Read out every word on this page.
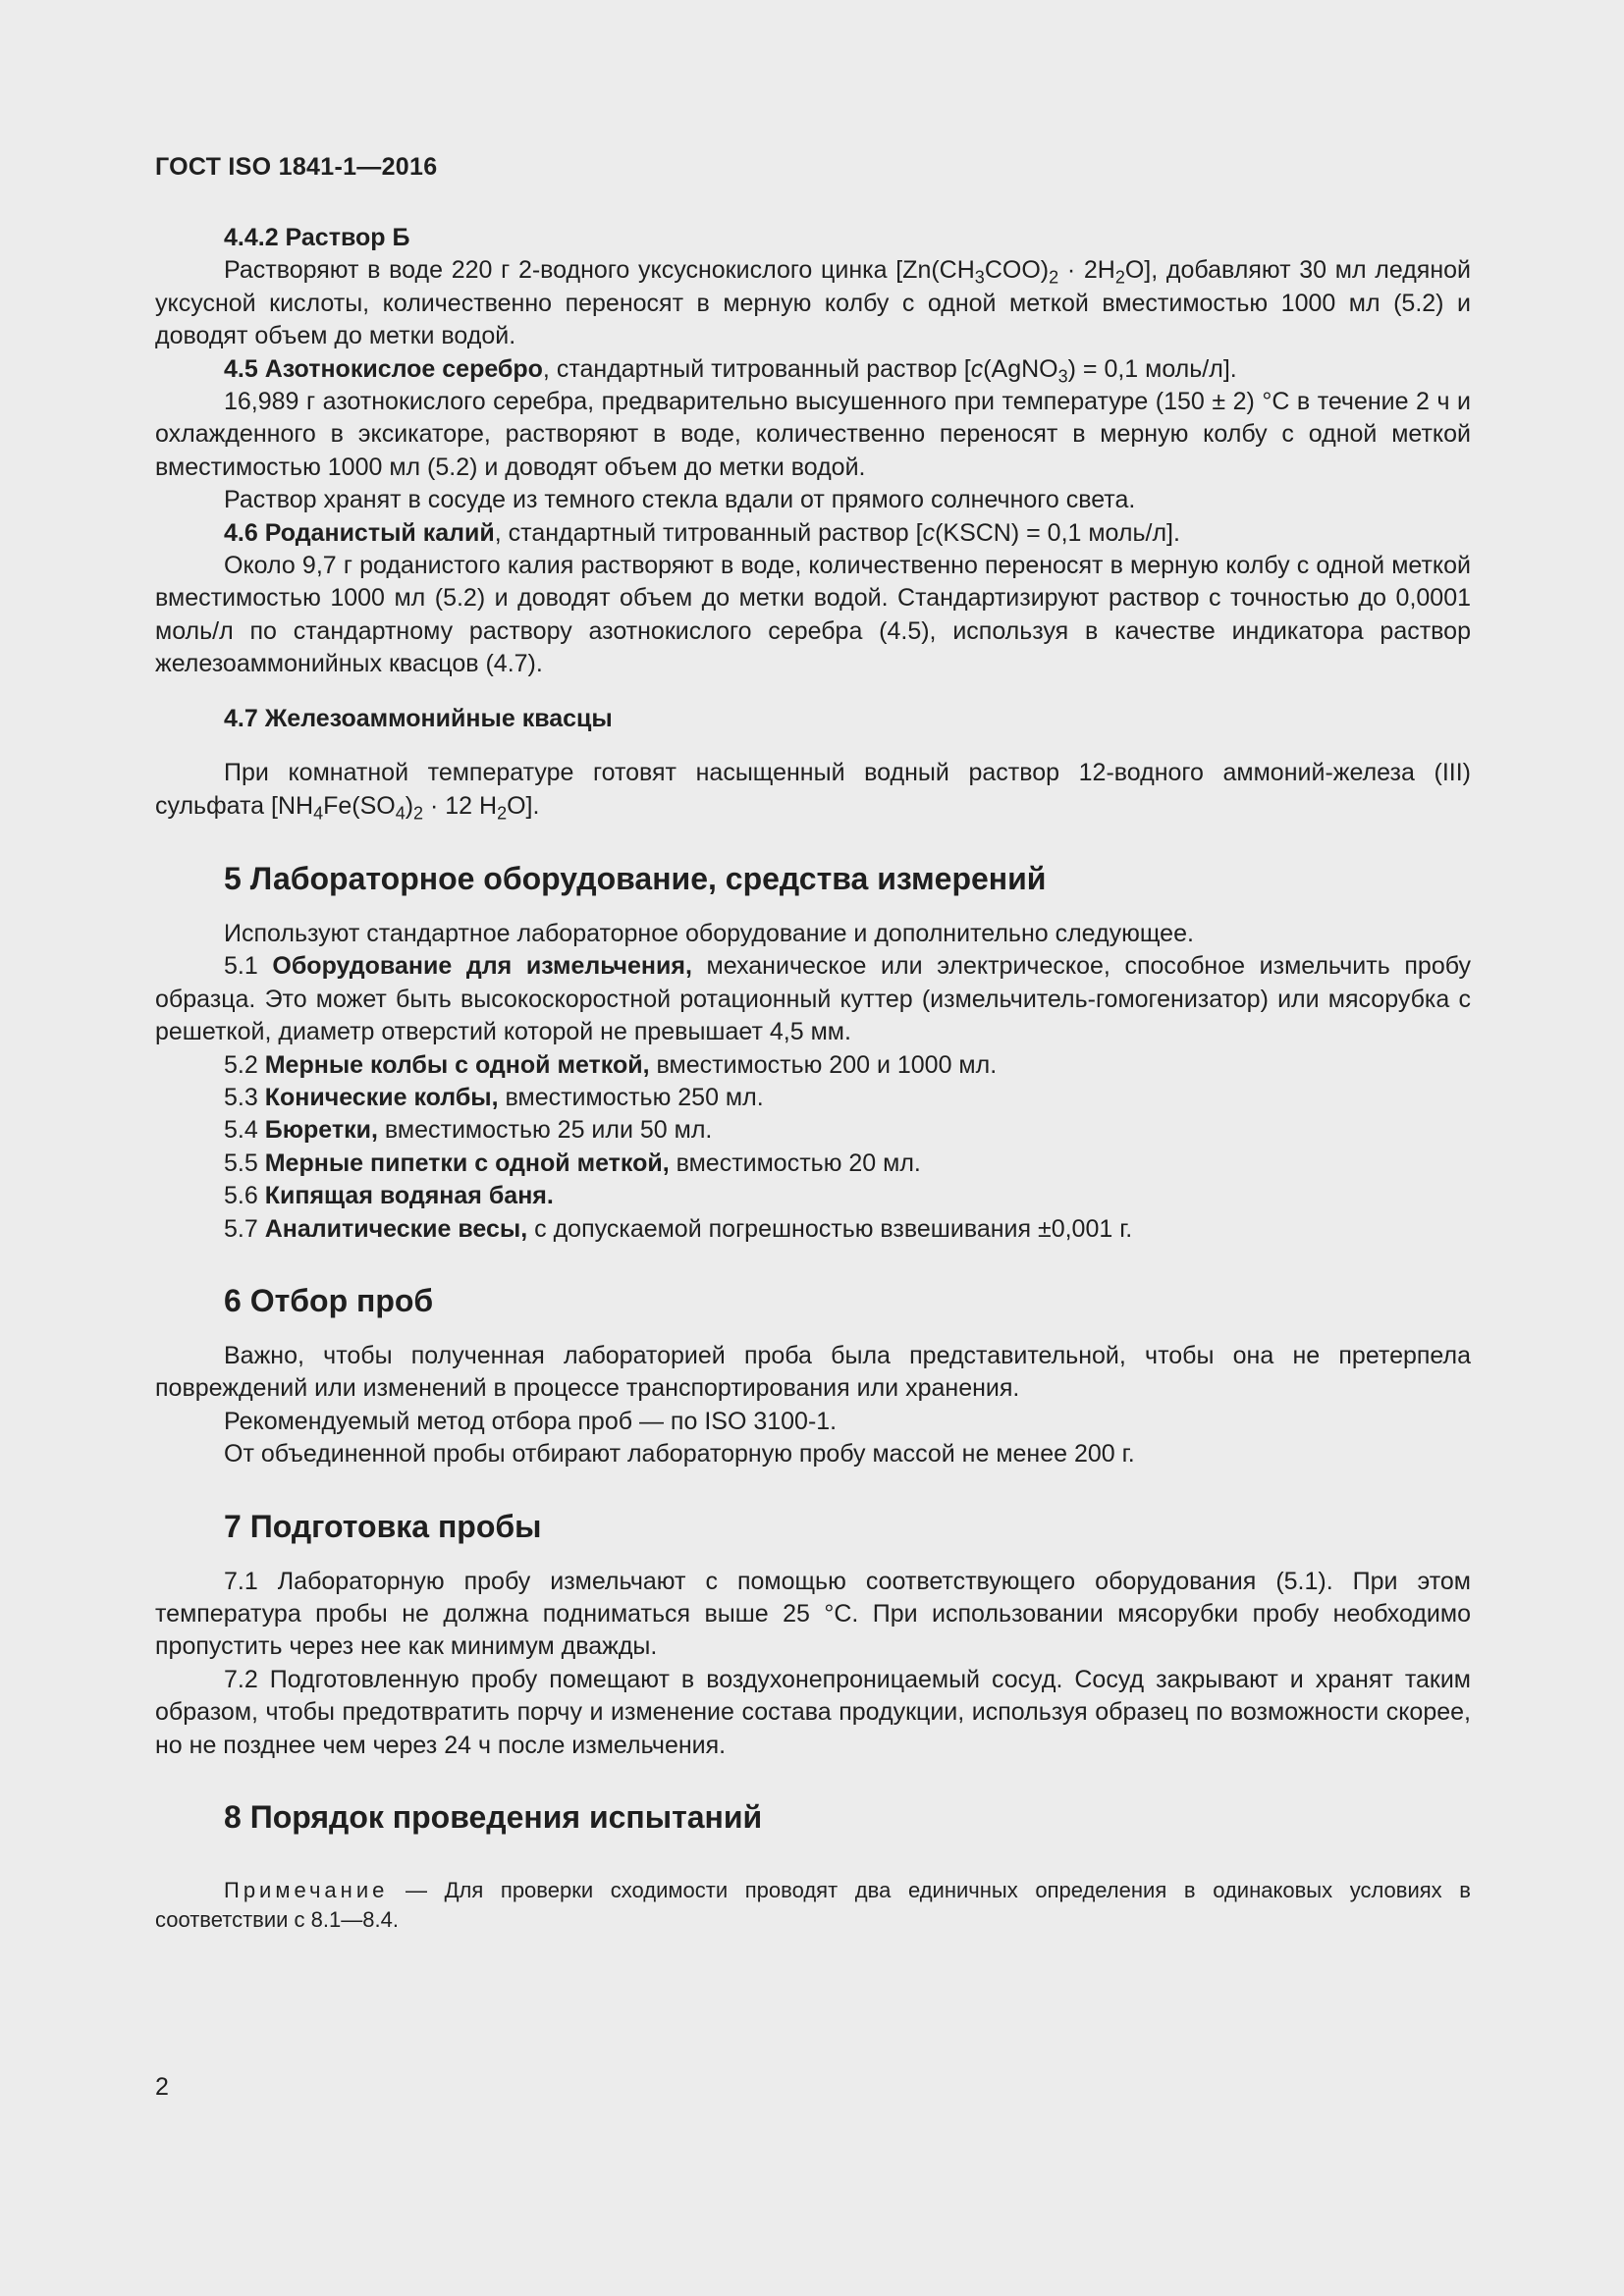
ГОСТ ISO 1841-1—2016

4.4.2 Раствор Б

Растворяют в воде 220 г 2-водного уксуснокислого цинка $[Zn(CH_3COO)_2 \cdot 2H_2O]$, добавляют 30 мл ледяной уксусной кислоты, количественно переносят в мерную колбу с одной меткой вместимостью 1000 мл (5.2) и доводят объем до метки водой.

4.5 Азотнокислое серебро, стандартный титрованный раствор [c(AgNO$_3$) = 0,1 моль/л].

16,989 г азотнокислого серебра, предварительно высушенного при температуре (150 ± 2) °С в течение 2 ч и охлажденного в эксикаторе, растворяют в воде, количественно переносят в мерную колбу с одной меткой вместимостью 1000 мл (5.2) и доводят объем до метки водой.

Раствор хранят в сосуде из темного стекла вдали от прямого солнечного света.

4.6 Роданистый калий, стандартный титрованный раствор [c(KSCN) = 0,1 моль/л].

Около 9,7 г роданистого калия растворяют в воде, количественно переносят в мерную колбу с одной меткой вместимостью 1000 мл (5.2) и доводят объем до метки водой. Стандартизируют раствор с точностью до 0,0001 моль/л по стандартному раствору азотнокислого серебра (4.5), используя в качестве индикатора раствор железоаммонийных квасцов (4.7).

4.7 Железоаммонийные квасцы

При комнатной температуре готовят насыщенный водный раствор 12-водного аммоний-железа (III) сульфата [$NH_4Fe(SO_4)_2 \cdot 12$ $H_2O$].

5 Лабораторное оборудование, средства измерений

Используют стандартное лабораторное оборудование и дополнительно следующее.

5.1 Оборудование для измельчения, механическое или электрическое, способное измельчить пробу образца. Это может быть высокоскоростной ротационный куттер (измельчитель-гомогенизатор) или мясорубка с решеткой, диаметр отверстий которой не превышает 4,5 мм.

5.2 Мерные колбы с одной меткой, вместимостью 200 и 1000 мл.

5.3 Конические колбы, вместимостью 250 мл.

5.4 Бюретки, вместимостью 25 или 50 мл.

5.5 Мерные пипетки с одной меткой, вместимостью 20 мл.

5.6 Кипящая водяная баня.

5.7 Аналитические весы, с допускаемой погрешностью взвешивания ±0,001 г.

6 Отбор проб

Важно, чтобы полученная лабораторией проба была представительной, чтобы она не претерпела повреждений или изменений в процессе транспортирования или хранения.

Рекомендуемый метод отбора проб — по ISO 3100-1.

От объединенной пробы отбирают лабораторную пробу массой не менее 200 г.

7 Подготовка пробы

7.1 Лабораторную пробу измельчают с помощью соответствующего оборудования (5.1). При этом температура пробы не должна подниматься выше 25 °С. При использовании мясорубки пробу необходимо пропустить через нее как минимум дважды.

7.2 Подготовленную пробу помещают в воздухонепроницаемый сосуд. Сосуд закрывают и хранят таким образом, чтобы предотвратить порчу и изменение состава продукции, используя образец по возможности скорее, но не позднее чем через 24 ч после измельчения.

8 Порядок проведения испытаний

Примечание — Для проверки сходимости проводят два единичных определения в одинаковых условиях в соответствии с 8.1—8.4.

2
